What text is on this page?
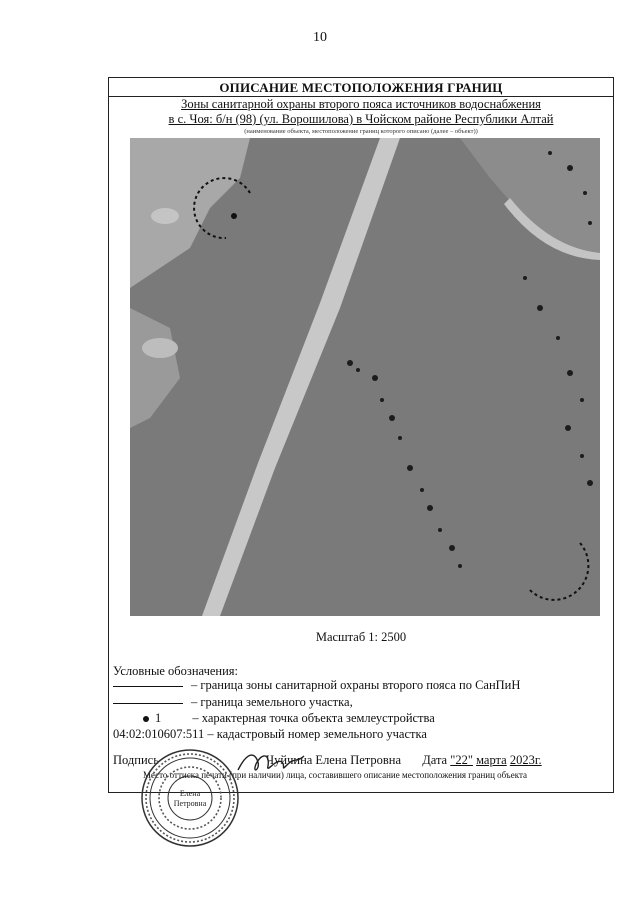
10
ОПИСАНИЕ МЕСТОПОЛОЖЕНИЯ ГРАНИЦ
Зоны санитарной охраны второго пояса источников водоснабжения
в с. Чоя: б/н (98) (ул. Ворошилова) в Чойском районе Республики Алтай
(наименование объекта, местоположение границ которого описано (далее – объект))
Масштаб 1: 2500
Условные обозначения:
– граница зоны санитарной охраны второго пояса по СанПиН
– граница земельного участка,
1 – характерная точка объекта землеустройства
04:02:010607:511 – кадастровый номер земельного участка
Подпись	Чуйчина Елена Петровна Дата "22" марта 2023г.
Место оттиска печати (при наличии) лица, составившего описание местоположения границ объекта
Елена
Петровна
